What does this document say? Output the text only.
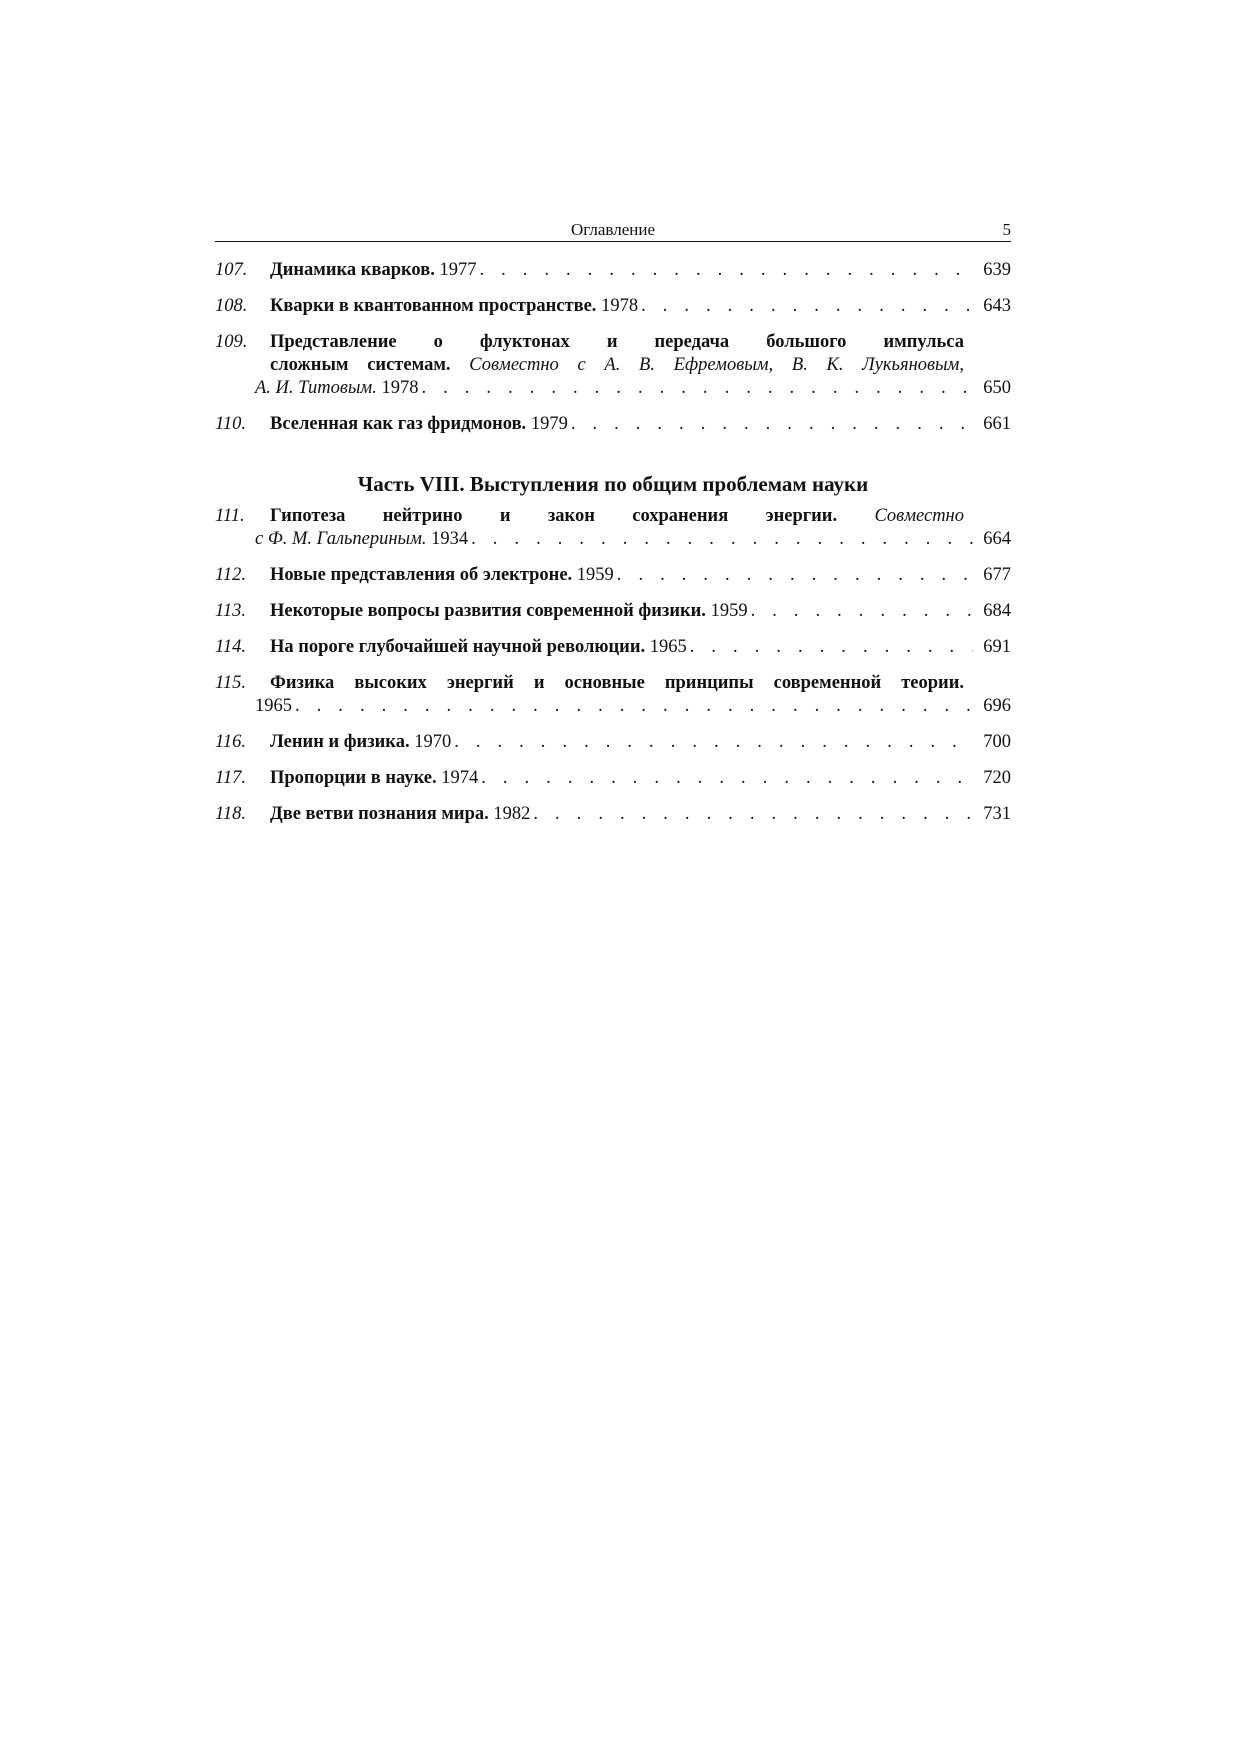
Оглавление	5
107. Динамика кварков. 1977 . . .	639
108. Кварки в квантованном пространстве. 1978 . . .	643
109. Представление о флуктонах и передача большого импульса
сложным системам. Совместно с А. В. Ефремовым, В. К. Лукьяновым,
А. И. Титовым. 1978 . . .	650
110. Вселенная как газ фридмонов. 1979 . . .	661
Часть VIII. Выступления по общим проблемам науки
111. Гипотеза нейтрино и закон сохранения энергии. Совместно
с Ф. М. Гальпериным. 1934 . . .	664
112. Новые представления об электроне. 1959 . . .	677
113. Некоторые вопросы развития современной физики. 1959 . . .	684
114. На пороге глубочайшей научной революции. 1965 . . .	691
115. Физика высоких энергий и основные принципы современной теории.
1965 . . .	696
116. Ленин и физика. 1970 . . .	700
117. Пропорции в науке. 1974 . . .	720
118. Две ветви познания мира. 1982 . . .	731
